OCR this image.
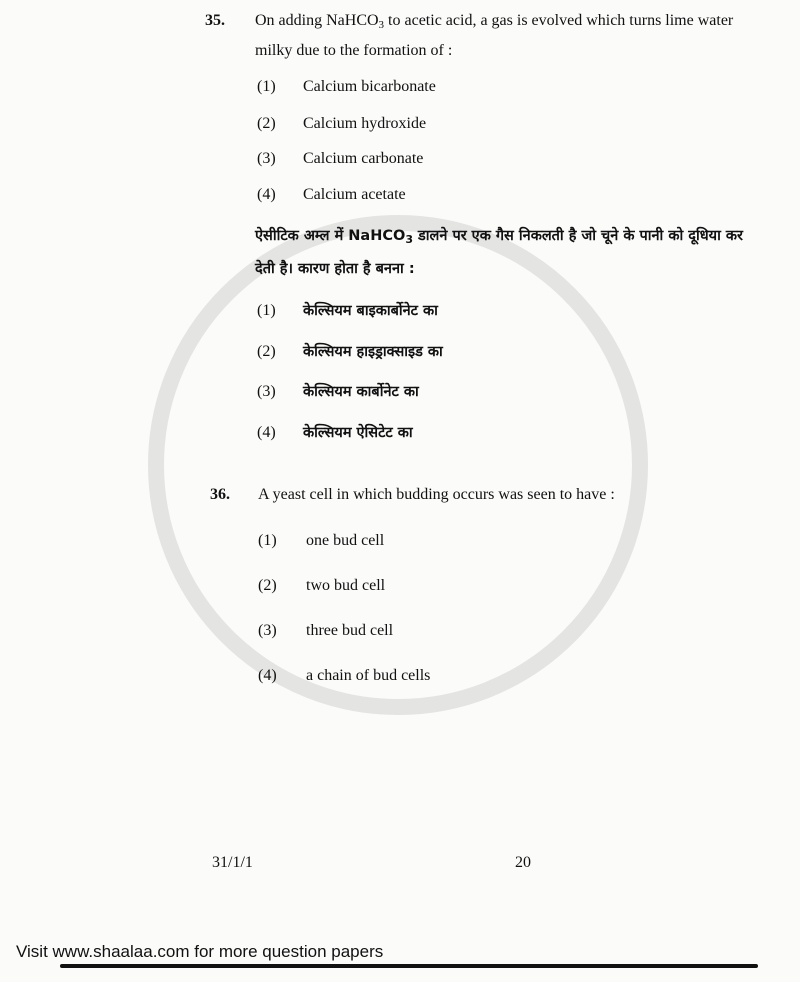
35. On adding NaHCO$_3$ to acetic acid, a gas is evolved which turns lime water
milky due to the formation of :
(1) Calcium bicarbonate
(2) Calcium hydroxide
(3) Calcium carbonate
(4) Calcium acetate
ऐसीटिक अम्ल में NaHCO$_3$ डालने पर एक गैस निकलती है जो चूने के पानी को दूधिया कर
देती है। कारण होता है बनना :
(1) केल्सियम बाइकार्बोनेट का
(2) केल्सियम हाइड्राक्साइड का
(3) केल्सियम कार्बोनेट का
(4) केल्सियम ऐसिटेट का
36. A yeast cell in which budding occurs was seen to have :
(1) one bud cell
(2) two bud cell
(3) three bud cell
(4) a chain of bud cells
31/1/1	20
Visit www.shaalaa.com for more question papers
